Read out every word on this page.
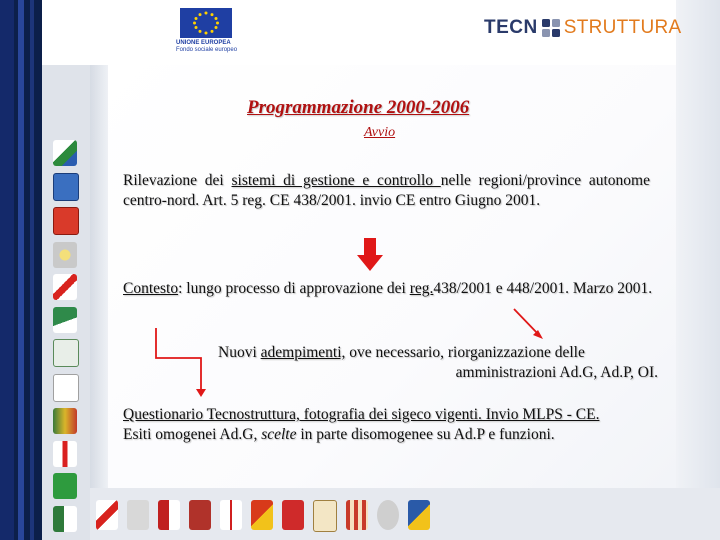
UNIONE EUROPEA
Fondo sociale europeo
TECN STRUTTURA
Programmazione 2000-2006
Avvio
Rilevazione dei sistemi di gestione e controllo nelle regioni/province autonome centro-nord. Art. 5 reg. CE 438/2001. invio CE entro Giugno 2001.
Contesto: lungo processo di approvazione dei reg.438/2001 e 448/2001. Marzo 2001.
Nuovi adempimenti, ove necessario, riorganizzazione delle
amministrazioni Ad.G, Ad.P, OI.
Questionario Tecnostruttura, fotografia dei sigeco vigenti. Invio MLPS - CE.
Esiti omogenei Ad.G, scelte in parte disomogenee su Ad.P e funzioni.
